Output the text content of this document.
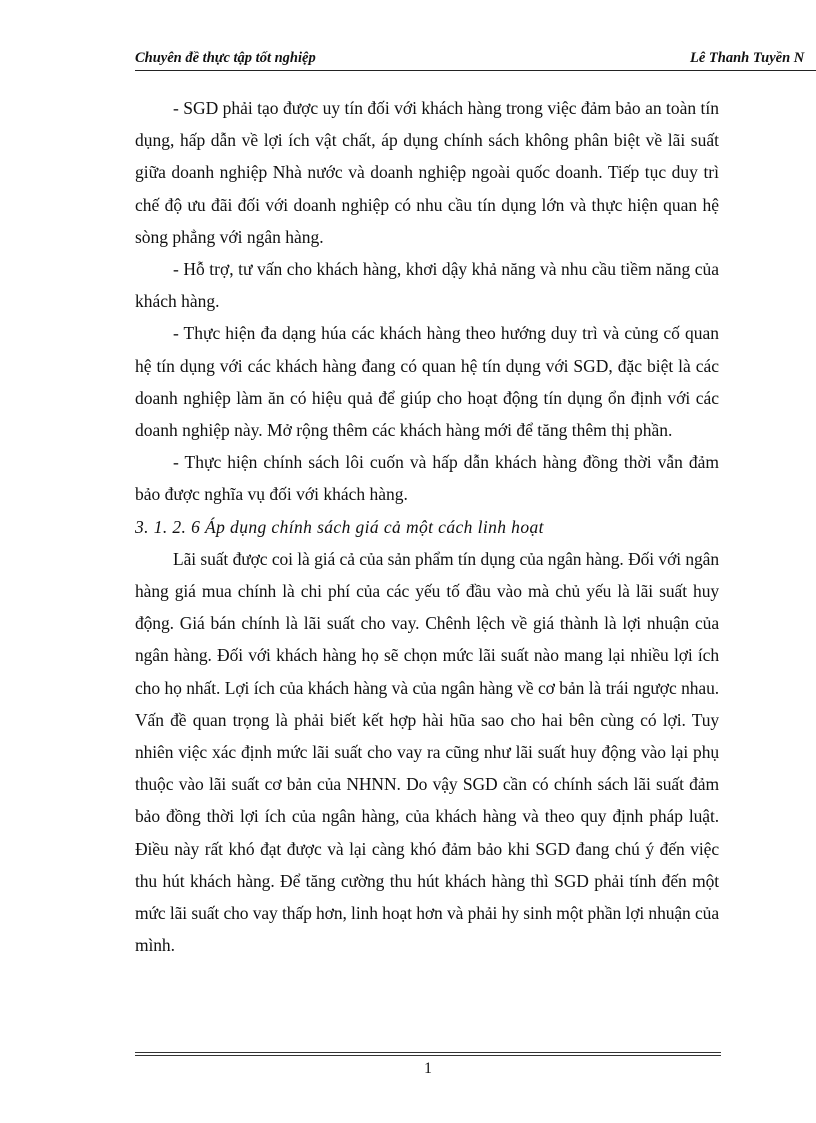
Chuyên đề thực tập tốt nghiệp	Lê Thanh Tuyền N

- SGD phải tạo được uy tín đối với khách hàng trong việc đảm bảo an toàn tín dụng, hấp dẫn về lợi ích vật chất, áp dụng chính sách không phân biệt về lãi suất giữa doanh nghiệp Nhà nước và doanh nghiệp ngoài quốc doanh. Tiếp tục duy trì chế độ ưu đãi đối với doanh nghiệp có nhu cầu tín dụng lớn và thực hiện quan hệ sòng phẳng với ngân hàng.

- Hỗ trợ, tư vấn cho khách hàng, khơi dậy khả năng và nhu cầu tiềm năng của khách hàng.

- Thực hiện đa dạng húa các khách hàng theo hướng duy trì và củng cố quan hệ tín dụng với các khách hàng đang có quan hệ tín dụng với SGD, đặc biệt là các doanh nghiệp làm ăn có hiệu quả để giúp cho hoạt động tín dụng ổn định với các doanh nghiệp này. Mở rộng thêm các khách hàng mới để tăng thêm thị phần.

- Thực hiện chính sách lôi cuốn và hấp dẫn khách hàng đồng thời vẫn đảm bảo được nghĩa vụ đối với khách hàng.

3. 1. 2. 6 Áp dụng chính sách giá cả một cách linh hoạt

Lãi suất được coi là giá cả của sản phẩm tín dụng của ngân hàng. Đối với ngân hàng giá mua chính là chi phí của các yếu tố đầu vào mà chủ yếu là lãi suất huy động. Giá bán chính là lãi suất cho vay. Chênh lệch về giá thành là lợi nhuận của ngân hàng. Đối với khách hàng họ sẽ chọn mức lãi suất nào mang lại nhiều lợi ích cho họ nhất. Lợi ích của khách hàng và của ngân hàng về cơ bản là trái ngược nhau. Vấn đề quan trọng là phải biết kết hợp hài hũa sao cho hai bên cùng có lợi. Tuy nhiên việc xác định mức lãi suất cho vay ra cũng như lãi suất huy động vào lại phụ thuộc vào lãi suất cơ bản của NHNN. Do vậy SGD cần có chính sách lãi suất đảm bảo đồng thời lợi ích của ngân hàng, của khách hàng và theo quy định pháp luật. Điều này rất khó đạt được và lại càng khó đảm bảo khi SGD đang chú ý đến việc thu hút khách hàng. Để tăng cường thu hút khách hàng thì SGD phải tính đến một mức lãi suất cho vay thấp hơn, linh hoạt hơn và phải hy sinh một phần lợi nhuận của mình.

1
